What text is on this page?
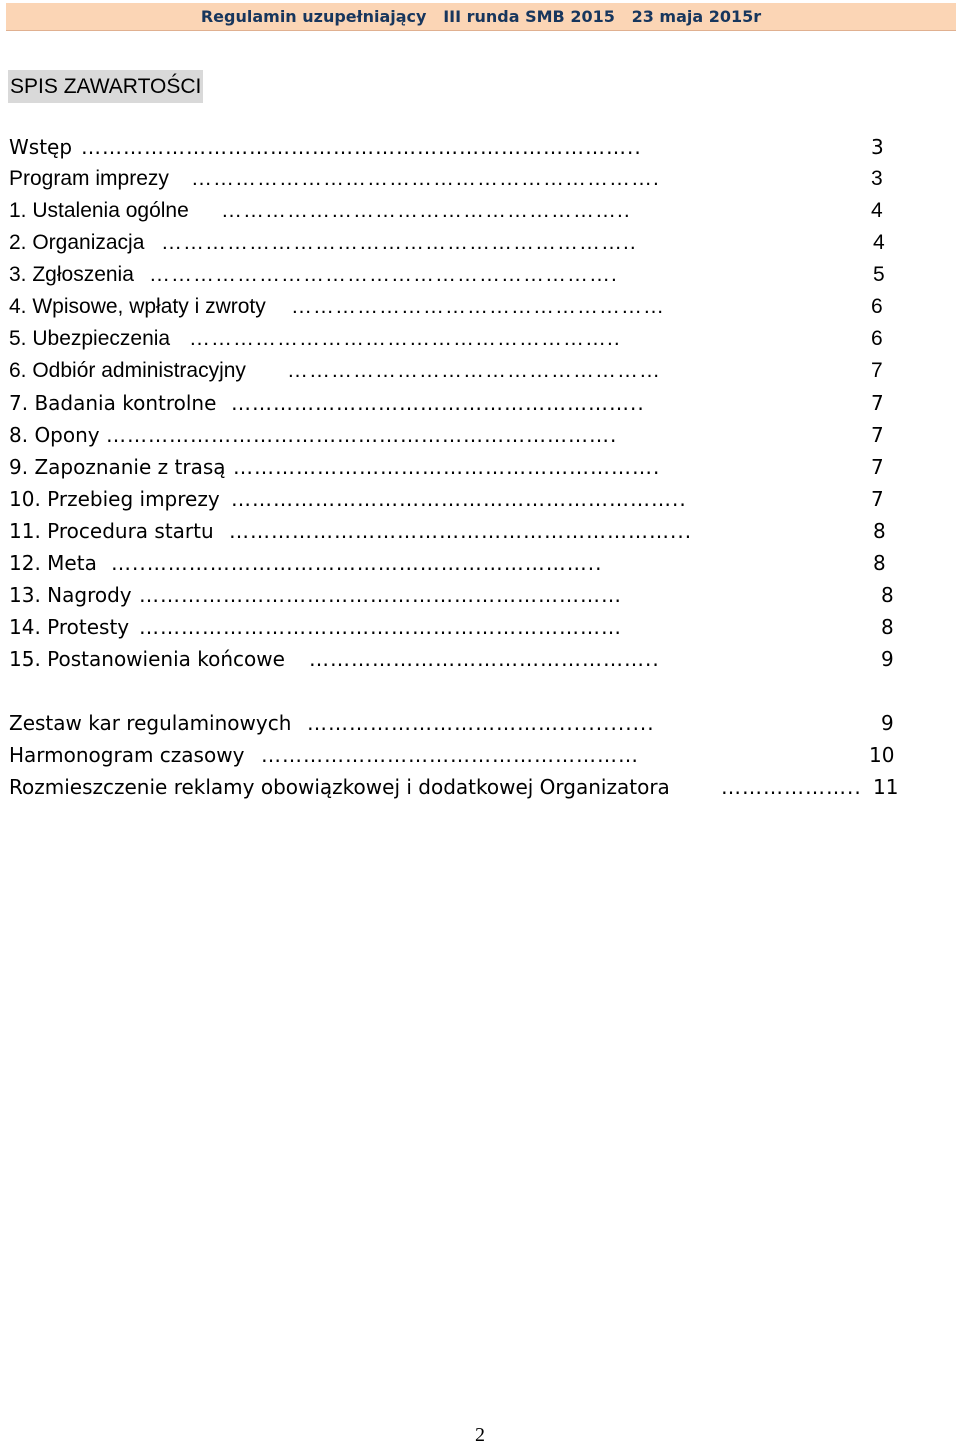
Regulamin uzupełniający
III runda SMB 2015
23 maja 2015r
SPIS ZAWARTOŚCI
Wstęp ……………………………………………………………………..	3
Program imprezy ……………………………………………………….	3
1. Ustalenia ogólne ………………………………………………..	4
2. Organizacja ………………………………………………………..	4
3. Zgłoszenia ……………………………………………………….	5
4. Wpisowe, wpłaty i zwroty ……………………………………………	6
5. Ubezpieczenia …………………………………………………..	6
6. Odbiór administracyjny ……………………………………………	7
7. Badania kontrolne …………………………………………………..	7
8. Opony ……………………………………………………………….	7
9. Zapoznanie z trasą …………………………………………………….	7
10. Przebieg imprezy ………………………………………………………..	7
11. Procedura startu ………………………………………………………...	8
12. Meta …..………………………………………………………..	8
13. Nagrody ……………………………………………………………	8
14. Protesty ……………………………………………………………	8
15. Postanowienia końcowe …………………………………………..	9
Zestaw kar regulaminowych ……………………………….............	9
Harmonogram czasowy ………………………………………………	10
Rozmieszczenie reklamy obowiązkowej i dodatkowej Organizatora	……………….. 11
2
